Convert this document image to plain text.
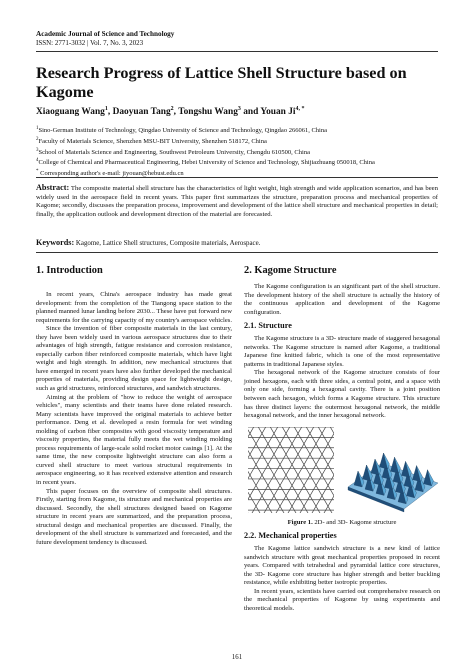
Academic Journal of Science and Technology
ISSN: 2771-3032 | Vol. 7, No. 3, 2023
Research Progress of Lattice Shell Structure based on Kagome
Xiaoguang Wang$^1$, Daoyuan Tang$^2$, Tongshu Wang$^3$ and Youan $Ji^{4, *}$
$^1$Sino-German Institute of Technology, Qingdao University of Science and Technology, Qingdao 266061, China
$^2$Faculty of Materials Science, Shenzhen MSU-BIT University, Shenzhen 518172, China
$^3$School of Materials Science and Engineering, Southwest Petroleum University, Chengdu 610500, China
$^4$College of Chemical and Pharmaceutical Engineering, Hebei University of Science and Technology, Shijiazhuang 050018, China
* Corresponding author's e-mail: jiyouan@hebust.edu.cn
Abstract: The composite material shell structure has the characteristics of light weight, high strength and wide application scenarios, and has been widely used in the aerospace field in recent years. This paper first summarizes the structure, preparation process and mechanical properties of Kagome; secondly, discusses the preparation process, improvement and development of the lattice shell structure and mechanical properties in detail; finally, the application outlook and development direction of the material are forecasted.
Keywords: Kagome, Lattice Shell structures, Composite materials, Aerospace.
1. Introduction

In recent years, China's aerospace industry has made great development: from the completion of the Tiangong space station to the planned manned lunar landing before 2030... These have put forward new requirements for the carrying capacity of my country's aerospace vehicles.

Since the invention of fiber composite materials in the last century, they have been widely used in various aerospace structures due to their advantages of high strength, fatigue resistance and corrosion resistance, especially carbon fiber reinforced composite materials, which have light weight and high strength. In addition, new mechanical structures that have emerged in recent years have also further developed the mechanical properties of materials, providing design space for lightweight design, such as grid structures, reinforced structures, and sandwich structures.

Aiming at the problem of "how to reduce the weight of aerospace vehicles", many scientists and their teams have done related research. Many scientists have improved the original materials to achieve better performance. Deng et al. developed a resin formula for wet winding molding of carbon fiber composites with good viscosity temperature and viscosity properties, the material fully meets the wet winding molding process requirements of large-scale solid rocket motor casings [1]. At the same time, the new composite lightweight structure can also form a curved shell structure to meet various structural requirements in aerospace engineering, so it has received extensive attention and research in recent years.

This paper focuses on the overview of composite shell structures. Firstly, starting from Kagome, its structure and mechanical properties are discussed. Secondly, the shell structures designed based on Kagome structure in recent years are summarized, and the preparation process, structural design and mechanical properties are discussed. Finally, the development of the shell structure is summarized and forecasted, and the future development tendency is discussed.

2. Kagome Structure

The Kagome configuration is an significant part of the shell structure. The development history of the shell structure is actually the history of the continuous application and development of the Kagome configuration.

2.1. Structure

The Kagome structure is a 3D- structure made of staggered hexagonal networks. The Kagome structure is named after Kagome, a traditional Japanese fine knitted fabric, which is one of the most representative patterns in traditional Japanese styles.

The hexagonal network of the Kagome structure consists of four joined hexagons, each with three sides, a central point, and a space with only one side, forming a hexagonal cavity. There is a joint position between each hexagon, which forms a Kagome structure. This structure has three distinct layers: the outermost hexagonal network, the middle hexagonal network, and the inner hexagonal network.

Figure 1. 2D- and 3D- Kagome structure
2.2. Mechanical properties

The Kagome lattice sandwich structure is a new kind of lattice sandwich structure with great mechanical properties proposed in recent years. Compared with tetrahedral and pyramidal lattice core structures, the 3D- Kagome core structure has higher strength and better buckling resistance, while exhibiting better isotropic properties.

In recent years, scientists have carried out comprehensive research on the mechanical properties of Kagome by using experiments and theoretical models.

161
